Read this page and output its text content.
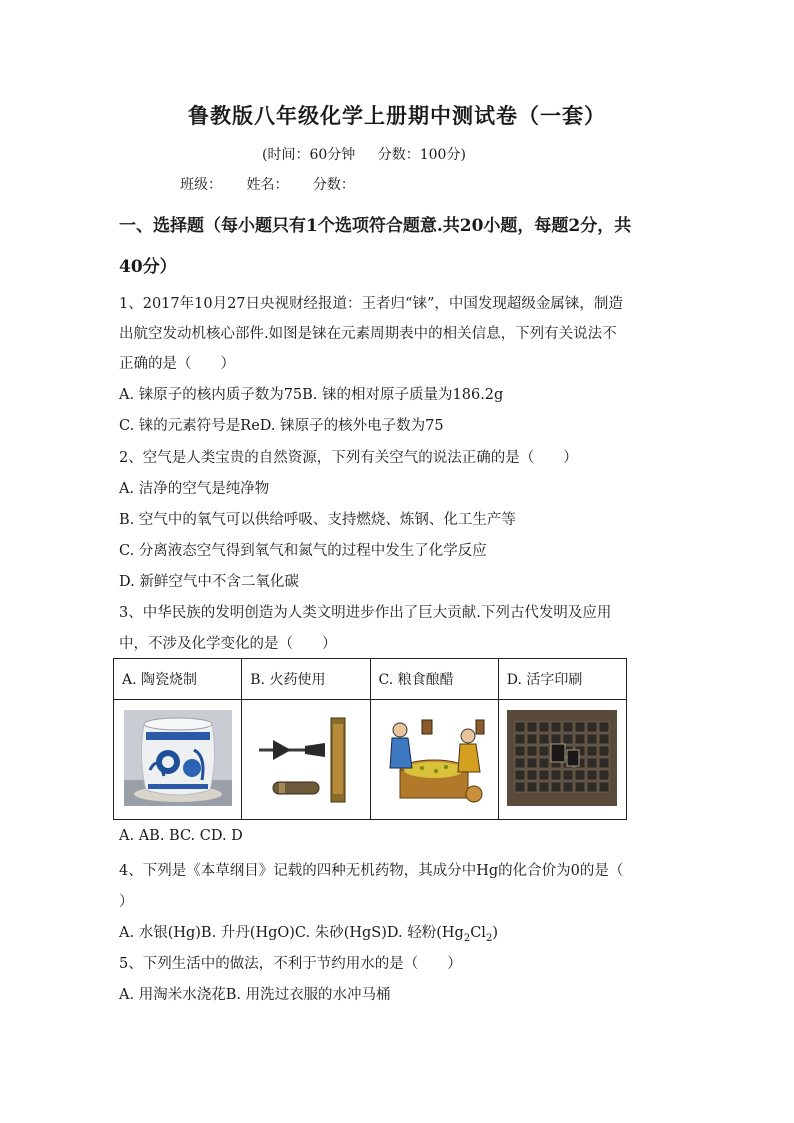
鲁教版八年级化学上册期中测试卷（一套）
(时间：60分钟 分数：100分)
班级： 姓名： 分数：
一、选择题（每小题只有1个选项符合题意.共20小题，每题2分，共
40分）
1、2017年10月27日央视财经报道：王者归“铼”，中国发现超级金属铼，制造
出航空发动机核心部件.如图是铼在元素周期表中的相关信息，下列有关说法不
正确的是（　　）
A. 铼原子的核内质子数为75B. 铼的相对原子质量为186.2g
C. 铼的元素符号是ReD. 铼原子的核外电子数为75
2、空气是人类宝贵的自然资源，下列有关空气的说法正确的是（　　）
A. 洁净的空气是纯净物
B. 空气中的氧气可以供给呼吸、支持燃烧、炼钢、化工生产等
C. 分离液态空气得到氧气和氮气的过程中发生了化学反应
D. 新鲜空气中不含二氧化碳
3、中华民族的发明创造为人类文明进步作出了巨大贡献.下列古代发明及应用
中，不涉及化学变化的是（　　）
A. 陶瓷烧制	B. 火药使用	C. 粮食酿醋	D. 活字印刷

A. AB. BC. CD. D
4、下列是《本草纲目》记载的四种无机药物，其成分中Hg的化合价为0的是（
）
A. 水银(Hg)B. 升丹(HgO)C. 朱砂(HgS)D. 轻粉$(Hg_2Cl_2)$
5、下列生活中的做法，不利于节约用水的是（　　）
A. 用淘米水浇花B. 用洗过衣服的水冲马桶
